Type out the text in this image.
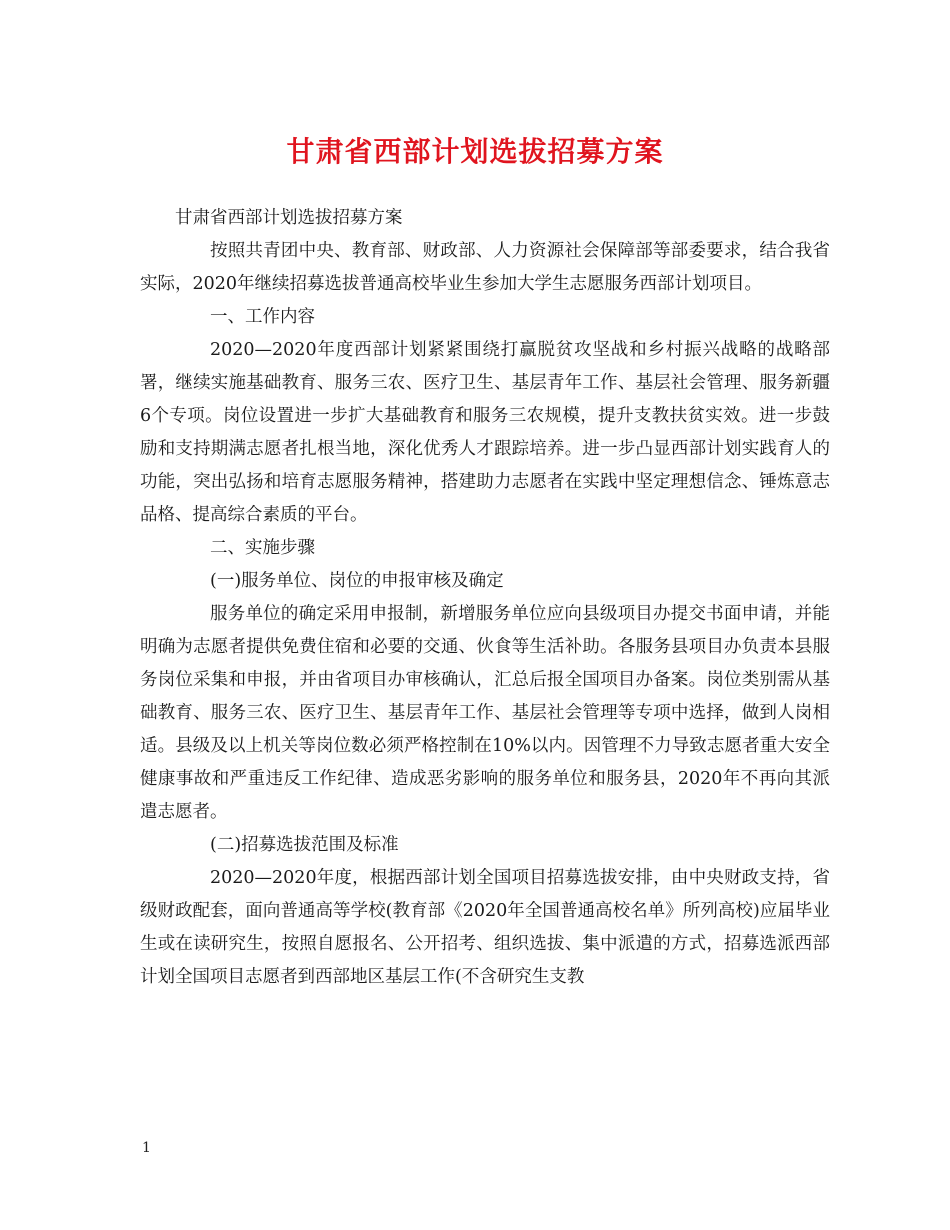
甘肃省西部计划选拔招募方案

甘肃省西部计划选拔招募方案

按照共青团中央、教育部、财政部、人力资源社会保障部等部委要求，结合我省实际，2020年继续招募选拔普通高校毕业生参加大学生志愿服务西部计划项目。

一、工作内容

2020—2020年度西部计划紧紧围绕打赢脱贫攻坚战和乡村振兴战略的战略部署，继续实施基础教育、服务三农、医疗卫生、基层青年工作、基层社会管理、服务新疆6个专项。岗位设置进一步扩大基础教育和服务三农规模，提升支教扶贫实效。进一步鼓励和支持期满志愿者扎根当地，深化优秀人才跟踪培养。进一步凸显西部计划实践育人的功能，突出弘扬和培育志愿服务精神，搭建助力志愿者在实践中坚定理想信念、锤炼意志品格、提高综合素质的平台。

二、实施步骤

(一)服务单位、岗位的申报审核及确定

服务单位的确定采用申报制，新增服务单位应向县级项目办提交书面申请，并能明确为志愿者提供免费住宿和必要的交通、伙食等生活补助。各服务县项目办负责本县服务岗位采集和申报，并由省项目办审核确认，汇总后报全国项目办备案。岗位类别需从基础教育、服务三农、医疗卫生、基层青年工作、基层社会管理等专项中选择，做到人岗相适。县级及以上机关等岗位数必须严格控制在10%以内。因管理不力导致志愿者重大安全健康事故和严重违反工作纪律、造成恶劣影响的服务单位和服务县，2020年不再向其派遣志愿者。

(二)招募选拔范围及标准

2020—2020年度，根据西部计划全国项目招募选拔安排，由中央财政支持，省级财政配套，面向普通高等学校(教育部《2020年全国普通高校名单》所列高校)应届毕业生或在读研究生，按照自愿报名、公开招考、组织选拔、集中派遣的方式，招募选派西部计划全国项目志愿者到西部地区基层工作(不含研究生支教

1
